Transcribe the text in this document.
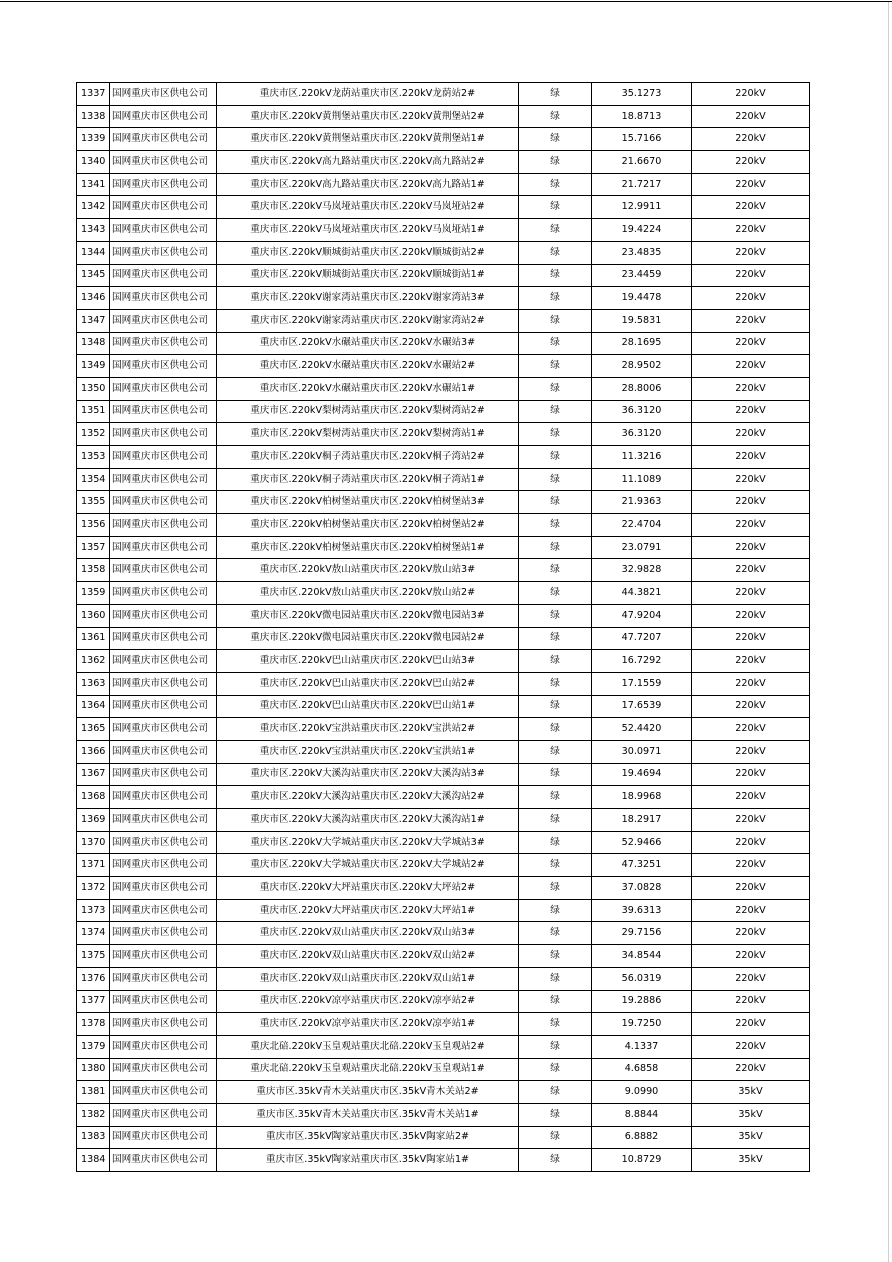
1337	国网重庆市区供电公司	重庆市区.220kV龙荫站重庆市区.220kV龙荫站2#	绿	35.1273	220kV
1338	国网重庆市区供电公司	重庆市区.220kV黄荆堡站重庆市区.220kV黄荆堡站2#	绿	18.8713	220kV
1339	国网重庆市区供电公司	重庆市区.220kV黄荆堡站重庆市区.220kV黄荆堡站1#	绿	15.7166	220kV
1340	国网重庆市区供电公司	重庆市区.220kV高九路站重庆市区.220kV高九路站2#	绿	21.6670	220kV
1341	国网重庆市区供电公司	重庆市区.220kV高九路站重庆市区.220kV高九路站1#	绿	21.7217	220kV
1342	国网重庆市区供电公司	重庆市区.220kV马岚垭站重庆市区.220kV马岚垭站2#	绿	12.9911	220kV
1343	国网重庆市区供电公司	重庆市区.220kV马岚垭站重庆市区.220kV马岚垭站1#	绿	19.4224	220kV
1344	国网重庆市区供电公司	重庆市区.220kV顺城街站重庆市区.220kV顺城街站2#	绿	23.4835	220kV
1345	国网重庆市区供电公司	重庆市区.220kV顺城街站重庆市区.220kV顺城街站1#	绿	23.4459	220kV
1346	国网重庆市区供电公司	重庆市区.220kV谢家湾站重庆市区.220kV谢家湾站3#	绿	19.4478	220kV
1347	国网重庆市区供电公司	重庆市区.220kV谢家湾站重庆市区.220kV谢家湾站2#	绿	19.5831	220kV
1348	国网重庆市区供电公司	重庆市区.220kV水碾站重庆市区.220kV水碾站3#	绿	28.1695	220kV
1349	国网重庆市区供电公司	重庆市区.220kV水碾站重庆市区.220kV水碾站2#	绿	28.9502	220kV
1350	国网重庆市区供电公司	重庆市区.220kV水碾站重庆市区.220kV水碾站1#	绿	28.8006	220kV
1351	国网重庆市区供电公司	重庆市区.220kV梨树湾站重庆市区.220kV梨树湾站2#	绿	36.3120	220kV
1352	国网重庆市区供电公司	重庆市区.220kV梨树湾站重庆市区.220kV梨树湾站1#	绿	36.3120	220kV
1353	国网重庆市区供电公司	重庆市区.220kV桐子湾站重庆市区.220kV桐子湾站2#	绿	11.3216	220kV
1354	国网重庆市区供电公司	重庆市区.220kV桐子湾站重庆市区.220kV桐子湾站1#	绿	11.1089	220kV
1355	国网重庆市区供电公司	重庆市区.220kV柏树堡站重庆市区.220kV柏树堡站3#	绿	21.9363	220kV
1356	国网重庆市区供电公司	重庆市区.220kV柏树堡站重庆市区.220kV柏树堡站2#	绿	22.4704	220kV
1357	国网重庆市区供电公司	重庆市区.220kV柏树堡站重庆市区.220kV柏树堡站1#	绿	23.0791	220kV
1358	国网重庆市区供电公司	重庆市区.220kV敖山站重庆市区.220kV敖山站3#	绿	32.9828	220kV
1359	国网重庆市区供电公司	重庆市区.220kV敖山站重庆市区.220kV敖山站2#	绿	44.3821	220kV
1360	国网重庆市区供电公司	重庆市区.220kV微电园站重庆市区.220kV微电园站3#	绿	47.9204	220kV
1361	国网重庆市区供电公司	重庆市区.220kV微电园站重庆市区.220kV微电园站2#	绿	47.7207	220kV
1362	国网重庆市区供电公司	重庆市区.220kV巴山站重庆市区.220kV巴山站3#	绿	16.7292	220kV
1363	国网重庆市区供电公司	重庆市区.220kV巴山站重庆市区.220kV巴山站2#	绿	17.1559	220kV
1364	国网重庆市区供电公司	重庆市区.220kV巴山站重庆市区.220kV巴山站1#	绿	17.6539	220kV
1365	国网重庆市区供电公司	重庆市区.220kV宝洪站重庆市区.220kV宝洪站2#	绿	52.4420	220kV
1366	国网重庆市区供电公司	重庆市区.220kV宝洪站重庆市区.220kV宝洪站1#	绿	30.0971	220kV
1367	国网重庆市区供电公司	重庆市区.220kV大溪沟站重庆市区.220kV大溪沟站3#	绿	19.4694	220kV
1368	国网重庆市区供电公司	重庆市区.220kV大溪沟站重庆市区.220kV大溪沟站2#	绿	18.9968	220kV
1369	国网重庆市区供电公司	重庆市区.220kV大溪沟站重庆市区.220kV大溪沟站1#	绿	18.2917	220kV
1370	国网重庆市区供电公司	重庆市区.220kV大学城站重庆市区.220kV大学城站3#	绿	52.9466	220kV
1371	国网重庆市区供电公司	重庆市区.220kV大学城站重庆市区.220kV大学城站2#	绿	47.3251	220kV
1372	国网重庆市区供电公司	重庆市区.220kV大坪站重庆市区.220kV大坪站2#	绿	37.0828	220kV
1373	国网重庆市区供电公司	重庆市区.220kV大坪站重庆市区.220kV大坪站1#	绿	39.6313	220kV
1374	国网重庆市区供电公司	重庆市区.220kV双山站重庆市区.220kV双山站3#	绿	29.7156	220kV
1375	国网重庆市区供电公司	重庆市区.220kV双山站重庆市区.220kV双山站2#	绿	34.8544	220kV
1376	国网重庆市区供电公司	重庆市区.220kV双山站重庆市区.220kV双山站1#	绿	56.0319	220kV
1377	国网重庆市区供电公司	重庆市区.220kV凉亭站重庆市区.220kV凉亭站2#	绿	19.2886	220kV
1378	国网重庆市区供电公司	重庆市区.220kV凉亭站重庆市区.220kV凉亭站1#	绿	19.7250	220kV
1379	国网重庆市区供电公司	重庆北碚.220kV玉皇观站重庆北碚.220kV玉皇观站2#	绿	4.1337	220kV
1380	国网重庆市区供电公司	重庆北碚.220kV玉皇观站重庆北碚.220kV玉皇观站1#	绿	4.6858	220kV
1381	国网重庆市区供电公司	重庆市区.35kV青木关站重庆市区.35kV青木关站2#	绿	9.0990	35kV
1382	国网重庆市区供电公司	重庆市区.35kV青木关站重庆市区.35kV青木关站1#	绿	8.8844	35kV
1383	国网重庆市区供电公司	重庆市区.35kV陶家站重庆市区.35kV陶家站2#	绿	6.8882	35kV
1384	国网重庆市区供电公司	重庆市区.35kV陶家站重庆市区.35kV陶家站1#	绿	10.8729	35kV
